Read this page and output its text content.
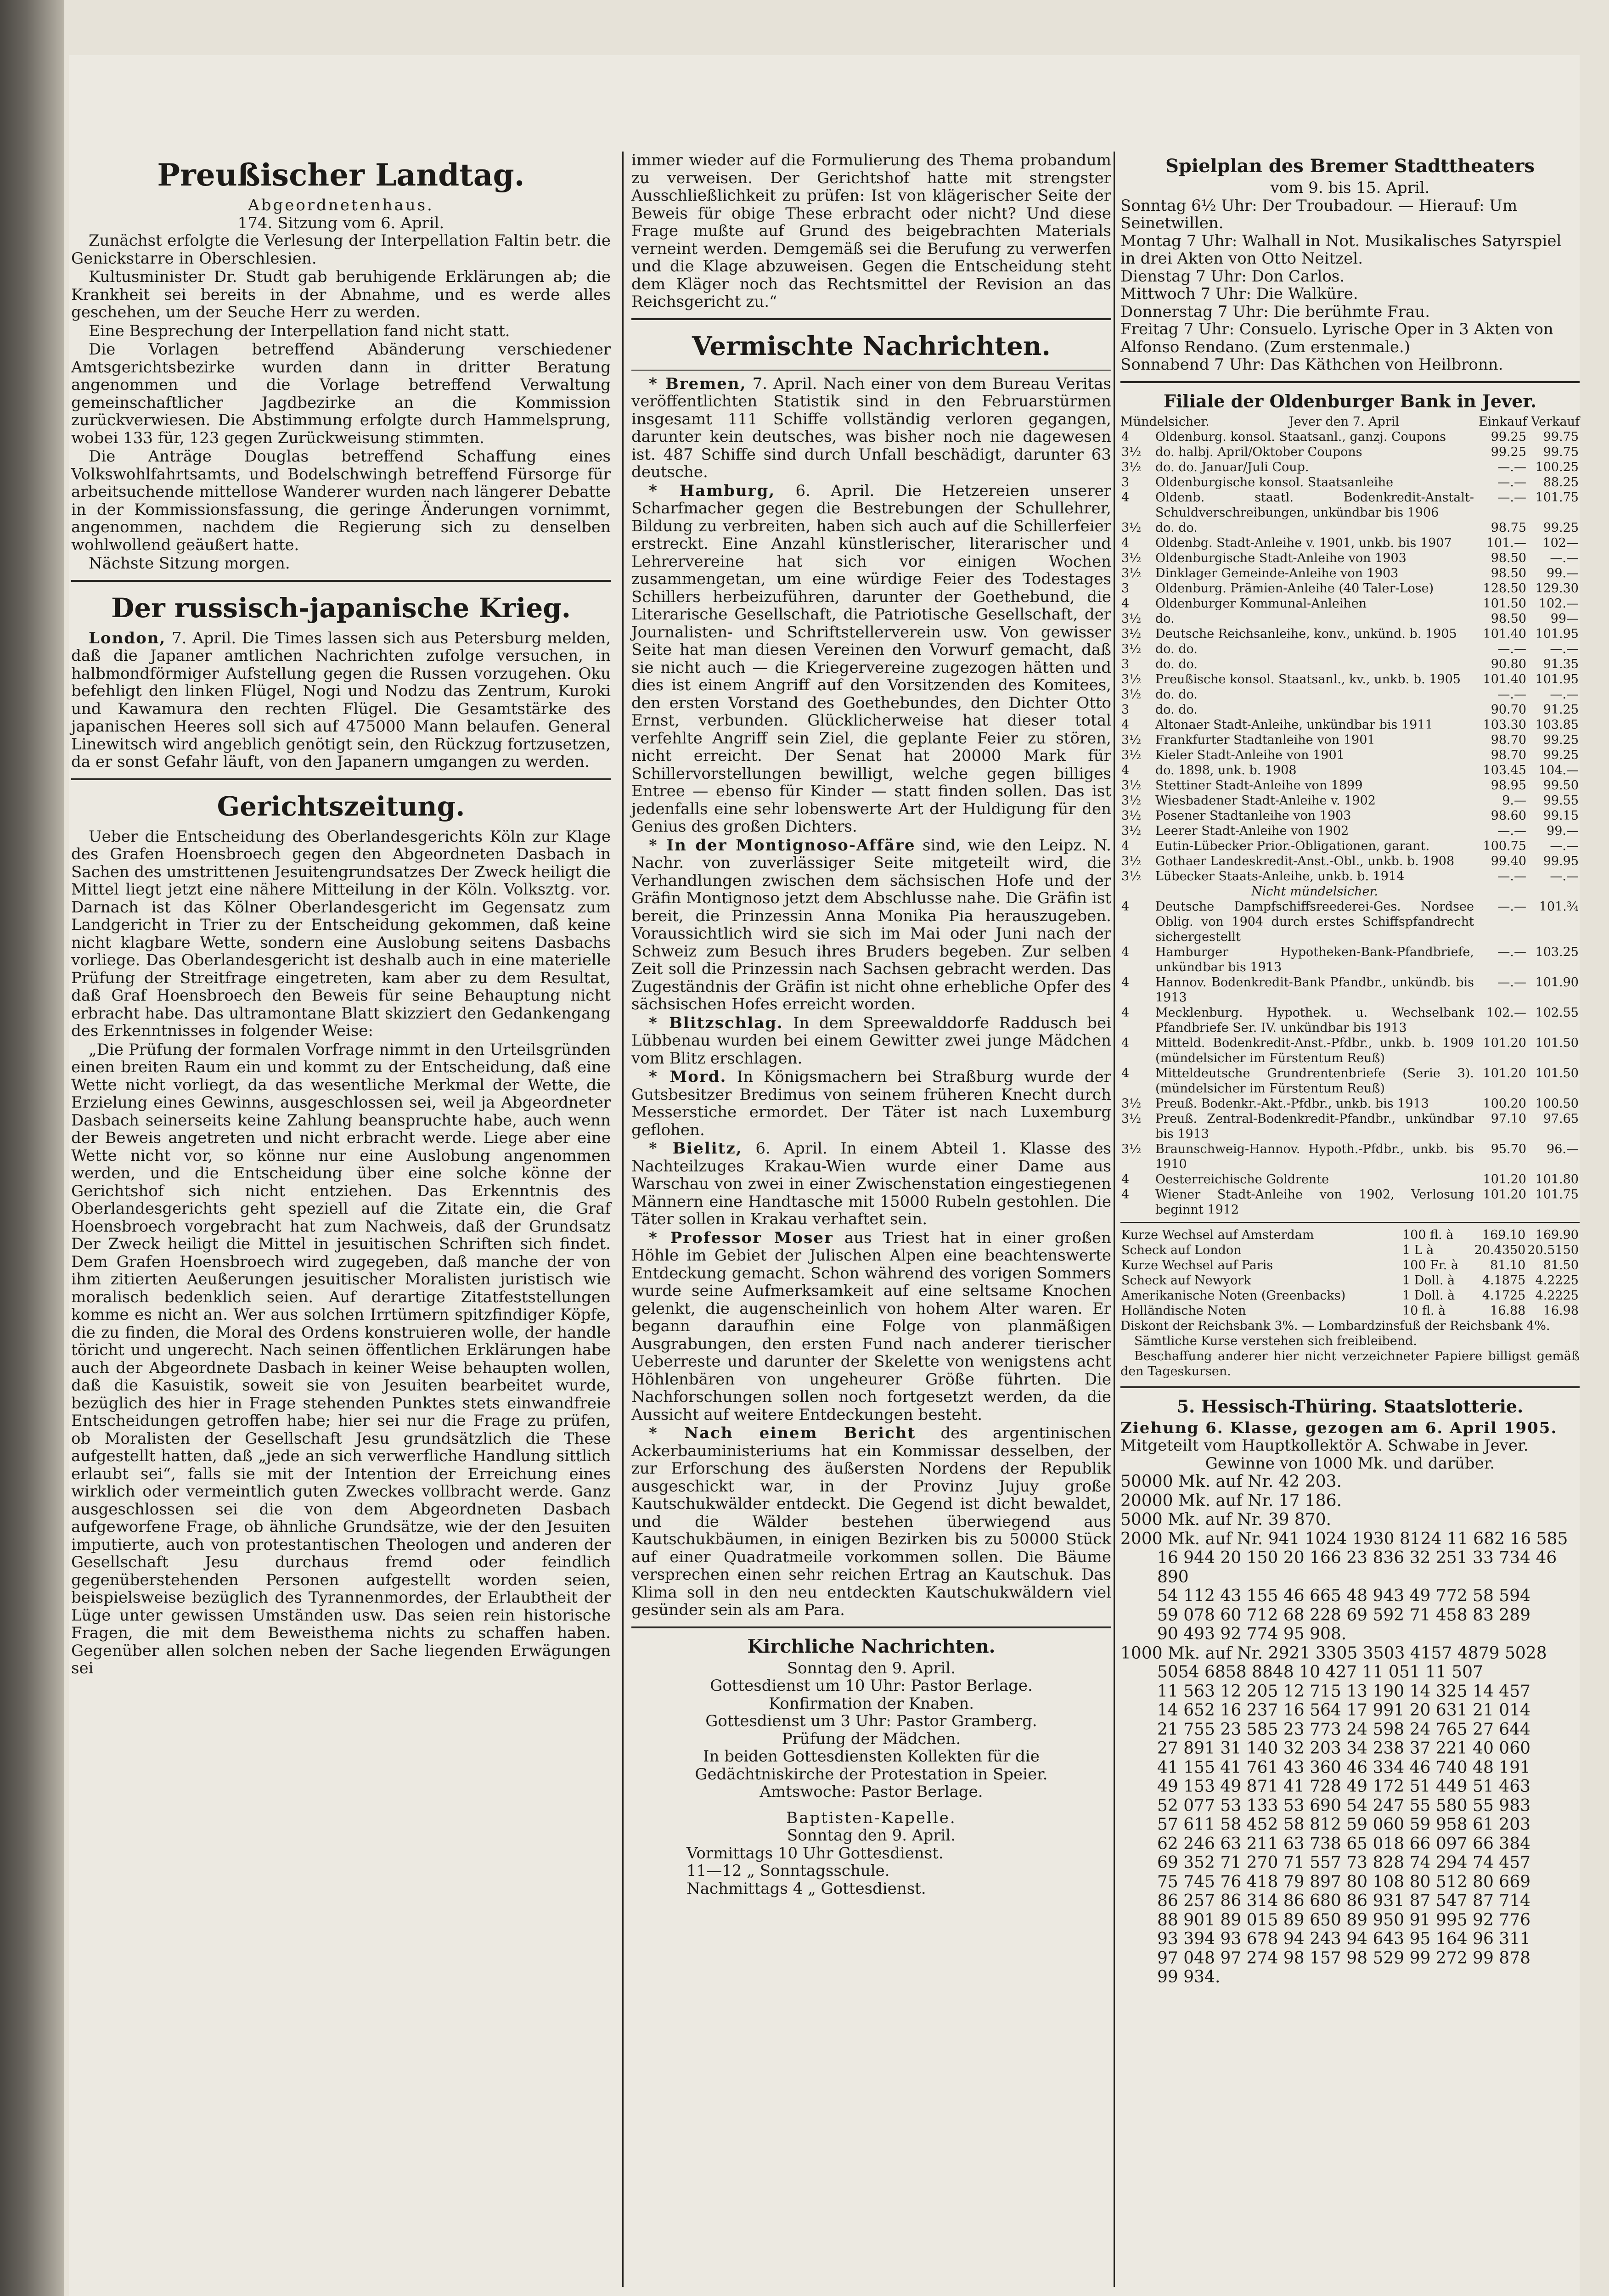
Preußischer Landtag.
Abgeordnetenhaus.
174. Sitzung vom 6. April.

Zunächst erfolgte die Verlesung der Interpellation Faltin betr. die Genickstarre in Oberschlesien.

Kultusminister Dr. Studt gab beruhigende Erklärungen ab; die Krankheit sei bereits in der Abnahme, und es werde alles geschehen, um der Seuche Herr zu werden.

Eine Besprechung der Interpellation fand nicht statt.

Die Vorlagen betreffend Abänderung verschiedener Amtsgerichtsbezirke wurden dann in dritter Beratung angenommen und die Vorlage betreffend Verwaltung gemeinschaftlicher Jagdbezirke an die Kommission zurückverwiesen. Die Abstimmung erfolgte durch Hammelsprung, wobei 133 für, 123 gegen Zurückweisung stimmten.

Die Anträge Douglas betreffend Schaffung eines Volkswohlfahrtsamts, und Bodelschwingh betreffend Fürsorge für arbeitsuchende mittellose Wanderer wurden nach längerer Debatte in der Kommissionsfassung, die geringe Änderungen vornimmt, angenommen, nachdem die Regierung sich zu denselben wohlwollend geäußert hatte.

Nächste Sitzung morgen.

Der russisch-japanische Krieg.

London, 7. April. Die Times lassen sich aus Petersburg melden, daß die Japaner amtlichen Nachrichten zufolge versuchen, in halbmondförmiger Aufstellung gegen die Russen vorzugehen. Oku befehligt den linken Flügel, Nogi und Nodzu das Zentrum, Kuroki und Kawamura den rechten Flügel. Die Gesamtstärke des japanischen Heeres soll sich auf 475000 Mann belaufen. General Linewitsch wird angeblich genötigt sein, den Rückzug fortzusetzen, da er sonst Gefahr läuft, von den Japanern umgangen zu werden.

Gerichtszeitung.

Ueber die Entscheidung des Oberlandesgerichts Köln zur Klage des Grafen Hoensbroech gegen den Abgeordneten Dasbach in Sachen des umstrittenen Jesuitengrundsatzes Der Zweck heiligt die Mittel liegt jetzt eine nähere Mitteilung in der Köln. Volksztg. vor. Darnach ist das Kölner Oberlandesgericht im Gegensatz zum Landgericht in Trier zu der Entscheidung gekommen, daß keine nicht klagbare Wette, sondern eine Auslobung seitens Dasbachs vorliege. Das Oberlandesgericht ist deshalb auch in eine materielle Prüfung der Streitfrage eingetreten, kam aber zu dem Resultat, daß Graf Hoensbroech den Beweis für seine Behauptung nicht erbracht habe. Das ultramontane Blatt skizziert den Gedankengang des Erkenntnisses in folgender Weise:

„Die Prüfung der formalen Vorfrage nimmt in den Urteilsgründen einen breiten Raum ein und kommt zu der Entscheidung, daß eine Wette nicht vorliegt, da das wesentliche Merkmal der Wette, die Erzielung eines Gewinns, ausgeschlossen sei, weil ja Abgeordneter Dasbach seinerseits keine Zahlung beanspruchte habe, auch wenn der Beweis angetreten und nicht erbracht werde. Liege aber eine Wette nicht vor, so könne nur eine Auslobung angenommen werden, und die Entscheidung über eine solche könne der Gerichtshof sich nicht entziehen. Das Erkenntnis des Oberlandesgerichts geht speziell auf die Zitate ein, die Graf Hoensbroech vorgebracht hat zum Nachweis, daß der Grundsatz Der Zweck heiligt die Mittel in jesuitischen Schriften sich findet. Dem Grafen Hoensbroech wird zugegeben, daß manche der von ihm zitierten Aeußerungen jesuitischer Moralisten juristisch wie moralisch bedenklich seien. Auf derartige Zitatfeststellungen komme es nicht an. Wer aus solchen Irrtümern spitzfindiger Köpfe, die zu finden, die Moral des Ordens konstruieren wolle, der handle töricht und ungerecht. Nach seinen öffentlichen Erklärungen habe auch der Abgeordnete Dasbach in keiner Weise behaupten wollen, daß die Kasuistik, soweit sie von Jesuiten bearbeitet wurde, bezüglich des hier in Frage stehenden Punktes stets einwandfreie Entscheidungen getroffen habe; hier sei nur die Frage zu prüfen, ob Moralisten der Gesellschaft Jesu grundsätzlich die These aufgestellt hatten, daß „jede an sich verwerfliche Handlung sittlich erlaubt sei“, falls sie mit der Intention der Erreichung eines wirklich oder vermeintlich guten Zweckes vollbracht werde. Ganz ausgeschlossen sei die von dem Abgeordneten Dasbach aufgeworfene Frage, ob ähnliche Grundsätze, wie der den Jesuiten imputierte, auch von protestantischen Theologen und anderen der Gesellschaft Jesu durchaus fremd oder feindlich gegenüberstehenden Personen aufgestellt worden seien, beispielsweise bezüglich des Tyrannenmordes, der Erlaubtheit der Lüge unter gewissen Umständen usw. Das seien rein historische Fragen, die mit dem Beweisthema nichts zu schaffen haben. Gegenüber allen solchen neben der Sache liegenden Erwägungen sei

immer wieder auf die Formulierung des Thema probandum zu verweisen. Der Gerichtshof hatte mit strengster Ausschließlichkeit zu prüfen: Ist von klägerischer Seite der Beweis für obige These erbracht oder nicht? Und diese Frage mußte auf Grund des beigebrachten Materials verneint werden. Demgemäß sei die Berufung zu verwerfen und die Klage abzuweisen. Gegen die Entscheidung steht dem Kläger noch das Rechtsmittel der Revision an das Reichsgericht zu.“

Vermischte Nachrichten.

* Bremen, 7. April. Nach einer von dem Bureau Veritas veröffentlichten Statistik sind in den Februarstürmen insgesamt 111 Schiffe vollständig verloren gegangen, darunter kein deutsches, was bisher noch nie dagewesen ist. 487 Schiffe sind durch Unfall beschädigt, darunter 63 deutsche.

* Hamburg, 6. April. Die Hetzereien unserer Scharfmacher gegen die Bestrebungen der Schullehrer, Bildung zu verbreiten, haben sich auch auf die Schillerfeier erstreckt. Eine Anzahl künstlerischer, literarischer und Lehrervereine hat sich vor einigen Wochen zusammengetan, um eine würdige Feier des Todestages Schillers herbeizuführen, darunter der Goethebund, die Literarische Gesellschaft, die Patriotische Gesellschaft, der Journalisten- und Schriftstellerverein usw. Von gewisser Seite hat man diesen Vereinen den Vorwurf gemacht, daß sie nicht auch — die Kriegervereine zugezogen hätten und dies ist einem Angriff auf den Vorsitzenden des Komitees, den ersten Vorstand des Goethebundes, den Dichter Otto Ernst, verbunden. Glücklicherweise hat dieser total verfehlte Angriff sein Ziel, die geplante Feier zu stören, nicht erreicht. Der Senat hat 20000 Mark für Schillervorstellungen bewilligt, welche gegen billiges Entree — ebenso für Kinder — statt finden sollen. Das ist jedenfalls eine sehr lobenswerte Art der Huldigung für den Genius des großen Dichters.

* In der Montignoso-Affäre sind, wie den Leipz. N. Nachr. von zuverlässiger Seite mitgeteilt wird, die Verhandlungen zwischen dem sächsischen Hofe und der Gräfin Montignoso jetzt dem Abschlusse nahe. Die Gräfin ist bereit, die Prinzessin Anna Monika Pia herauszugeben. Voraussichtlich wird sie sich im Mai oder Juni nach der Schweiz zum Besuch ihres Bruders begeben. Zur selben Zeit soll die Prinzessin nach Sachsen gebracht werden. Das Zugeständnis der Gräfin ist nicht ohne erhebliche Opfer des sächsischen Hofes erreicht worden.

* Blitzschlag. In dem Spreewalddorfe Raddusch bei Lübbenau wurden bei einem Gewitter zwei junge Mädchen vom Blitz erschlagen.

* Mord. In Königsmachern bei Straßburg wurde der Gutsbesitzer Bredimus von seinem früheren Knecht durch Messerstiche ermordet. Der Täter ist nach Luxemburg geflohen.

* Bielitz, 6. April. In einem Abteil 1. Klasse des Nachteilzuges Krakau-Wien wurde einer Dame aus Warschau von zwei in einer Zwischenstation eingestiegenen Männern eine Handtasche mit 15000 Rubeln gestohlen. Die Täter sollen in Krakau verhaftet sein.

* Professor Moser aus Triest hat in einer großen Höhle im Gebiet der Julischen Alpen eine beachtenswerte Entdeckung gemacht. Schon während des vorigen Sommers wurde seine Aufmerksamkeit auf eine seltsame Knochen gelenkt, die augenscheinlich von hohem Alter waren. Er begann daraufhin eine Folge von planmäßigen Ausgrabungen, den ersten Fund nach anderer tierischer Ueberreste und darunter der Skelette von wenigstens acht Höhlenbären von ungeheurer Größe führten. Die Nachforschungen sollen noch fortgesetzt werden, da die Aussicht auf weitere Entdeckungen besteht.

* Nach einem Bericht des argentinischen Ackerbauministeriums hat ein Kommissar desselben, der zur Erforschung des äußersten Nordens der Republik ausgeschickt war, in der Provinz Jujuy große Kautschukwälder entdeckt. Die Gegend ist dicht bewaldet, und die Wälder bestehen überwiegend aus Kautschukbäumen, in einigen Bezirken bis zu 50000 Stück auf einer Quadratmeile vorkommen sollen. Die Bäume versprechen einen sehr reichen Ertrag an Kautschuk. Das Klima soll in den neu entdeckten Kautschukwäldern viel gesünder sein als am Para.

Kirchliche Nachrichten.
Sonntag den 9. April.
Gottesdienst um 10 Uhr: Pastor Berlage.
Konfirmation der Knaben.
Gottesdienst um 3 Uhr: Pastor Gramberg.
Prüfung der Mädchen.
In beiden Gottesdiensten Kollekten für die Gedächtniskirche der Protestation in Speier.
Amtswoche: Pastor Berlage.
Baptisten-Kapelle.
Sonntag den 9. April.
Vormittags 10 Uhr Gottesdienst.
11—12 „ Sonntagsschule.
Nachmittags 4 „ Gottesdienst.
Spielplan des Bremer Stadttheaters
vom 9. bis 15. April.
Sonntag 6½ Uhr: Der Troubadour. — Hierauf: Um Seinetwillen.
Montag 7 Uhr: Walhall in Not. Musikalisches Satyrspiel in drei Akten von Otto Neitzel.
Dienstag 7 Uhr: Don Carlos.
Mittwoch 7 Uhr: Die Walküre.
Donnerstag 7 Uhr: Die berühmte Frau.
Freitag 7 Uhr: Consuelo. Lyrische Oper in 3 Akten von Alfonso Rendano. (Zum erstenmale.)
Sonnabend 7 Uhr: Das Käthchen von Heilbronn.
Filiale der Oldenburger Bank in Jever.
Mündelsicher.	Jever den 7. April	Einkauf Verkauf
4	Oldenburg. konsol. Staatsanl., ganzj. Coupons	99.25	99.75
3½	do. halbj. April/Oktober Coupons	99.25	99.75
3½	do. do. Januar/Juli Coup.	—.—	100.25
3	Oldenburgische konsol. Staatsanleihe	—.—	88.25
4	Oldenb. staatl. Bodenkredit-Anstalt-Schuldverschreibungen, unkündbar bis 1906	—.—	101.75
3½	do. do.	98.75	99.25
4	Oldenbg. Stadt-Anleihe v. 1901, unkb. bis 1907	101.—	102—
3½	Oldenburgische Stadt-Anleihe von 1903	98.50	—.—
3½	Dinklager Gemeinde-Anleihe von 1903	98.50	99.—
3	Oldenburg. Prämien-Anleihe (40 Taler-Lose)	128.50	129.30
4	Oldenburger Kommunal-Anleihen	101.50	102.—
3½	do.	98.50	99—
3½	Deutsche Reichsanleihe, konv., unkünd. b. 1905	101.40	101.95
3½	do. do.	—.—	—.—
3	do. do.	90.80	91.35
3½	Preußische konsol. Staatsanl., kv., unkb. b. 1905	101.40	101.95
3½	do. do.	—.—	—.—
3	do. do.	90.70	91.25
4	Altonaer Stadt-Anleihe, unkündbar bis 1911	103.30	103.85
3½	Frankfurter Stadtanleihe von 1901	98.70	99.25
3½	Kieler Stadt-Anleihe von 1901	98.70	99.25
4	do. 1898, unk. b. 1908	103.45	104.—
3½	Stettiner Stadt-Anleihe von 1899	98.95	99.50
3½	Wiesbadener Stadt-Anleihe v. 1902	9.—	99.55
3½	Posener Stadtanleihe von 1903	98.60	99.15
3½	Leerer Stadt-Anleihe von 1902	—.—	99.—
4	Eutin-Lübecker Prior.-Obligationen, garant.	100.75	—.—
3½	Gothaer Landeskredit-Anst.-Obl., unkb. b. 1908	99.40	99.95
3½	Lübecker Staats-Anleihe, unkb. b. 1914	—.—	—.—
	Nicht mündelsicher.		
4	Deutsche Dampfschiffsreederei-Ges. Nordsee Oblig. von 1904 durch erstes Schiffspfandrecht sichergestellt	—.—	101.¾
4	Hamburger Hypotheken-Bank-Pfandbriefe, unkündbar bis 1913	—.—	103.25
4	Hannov. Bodenkredit-Bank Pfandbr., unkündb. bis 1913	—.—	101.90
4	Mecklenburg. Hypothek. u. Wechselbank Pfandbriefe Ser. IV. unkündbar bis 1913	102.—	102.55
4	Mitteld. Bodenkredit-Anst.-Pfdbr., unkb. b. 1909 (mündelsicher im Fürstentum Reuß)	101.20	101.50
4	Mitteldeutsche Grundrentenbriefe (Serie 3). (mündelsicher im Fürstentum Reuß)	101.20	101.50
3½	Preuß. Bodenkr.-Akt.-Pfdbr., unkb. bis 1913	100.20	100.50
3½	Preuß. Zentral-Bodenkredit-Pfandbr., unkündbar bis 1913	97.10	97.65
3½	Braunschweig-Hannov. Hypoth.-Pfdbr., unkb. bis 1910	95.70	96.—
4	Oesterreichische Goldrente	101.20	101.80
4	Wiener Stadt-Anleihe von 1902, Verlosung beginnt 1912	101.20	101.75
Kurze Wechsel auf Amsterdam	100 fl. à	169.10	169.90
Scheck auf London	1 L à	20.4350	20.5150
Kurze Wechsel auf Paris	100 Fr. à	81.10	81.50
Scheck auf Newyork	1 Doll. à	4.1875	4.2225
Amerikanische Noten (Greenbacks)	1 Doll. à	4.1725	4.2225
Holländische Noten	10 fl. à	16.88	16.98
Diskont der Reichsbank 3%. — Lombardzinsfuß der Reichsbank 4%.
Sämtliche Kurse verstehen sich freibleibend.
Beschaffung anderer hier nicht verzeichneter Papiere billigst gemäß den Tageskursen.
5. Hessisch-Thüring. Staatslotterie.
Ziehung 6. Klasse, gezogen am 6. April 1905.
Mitgeteilt vom Hauptkollektör A. Schwabe in Jever.
Gewinne von 1000 Mk. und darüber.
50000 Mk. auf Nr. 42 203.
20000 Mk. auf Nr. 17 186.
5000 Mk. auf Nr. 39 870.
2000 Mk. auf Nr. 941 1024 1930 8124 11 682 16 585
16 944 20 150 20 166 23 836 32 251 33 734 46 890
54 112 43 155 46 665 48 943 49 772 58 594
59 078 60 712 68 228 69 592 71 458 83 289
90 493 92 774 95 908.
1000 Mk. auf Nr. 2921 3305 3503 4157 4879 5028
5054 6858 8848 10 427 11 051 11 507
11 563 12 205 12 715 13 190 14 325 14 457
14 652 16 237 16 564 17 991 20 631 21 014
21 755 23 585 23 773 24 598 24 765 27 644
27 891 31 140 32 203 34 238 37 221 40 060
41 155 41 761 43 360 46 334 46 740 48 191
49 153 49 871 41 728 49 172 51 449 51 463
52 077 53 133 53 690 54 247 55 580 55 983
57 611 58 452 58 812 59 060 59 958 61 203
62 246 63 211 63 738 65 018 66 097 66 384
69 352 71 270 71 557 73 828 74 294 74 457
75 745 76 418 79 897 80 108 80 512 80 669
86 257 86 314 86 680 86 931 87 547 87 714
88 901 89 015 89 650 89 950 91 995 92 776
93 394 93 678 94 243 94 643 95 164 96 311
97 048 97 274 98 157 98 529 99 272 99 878
99 934.
